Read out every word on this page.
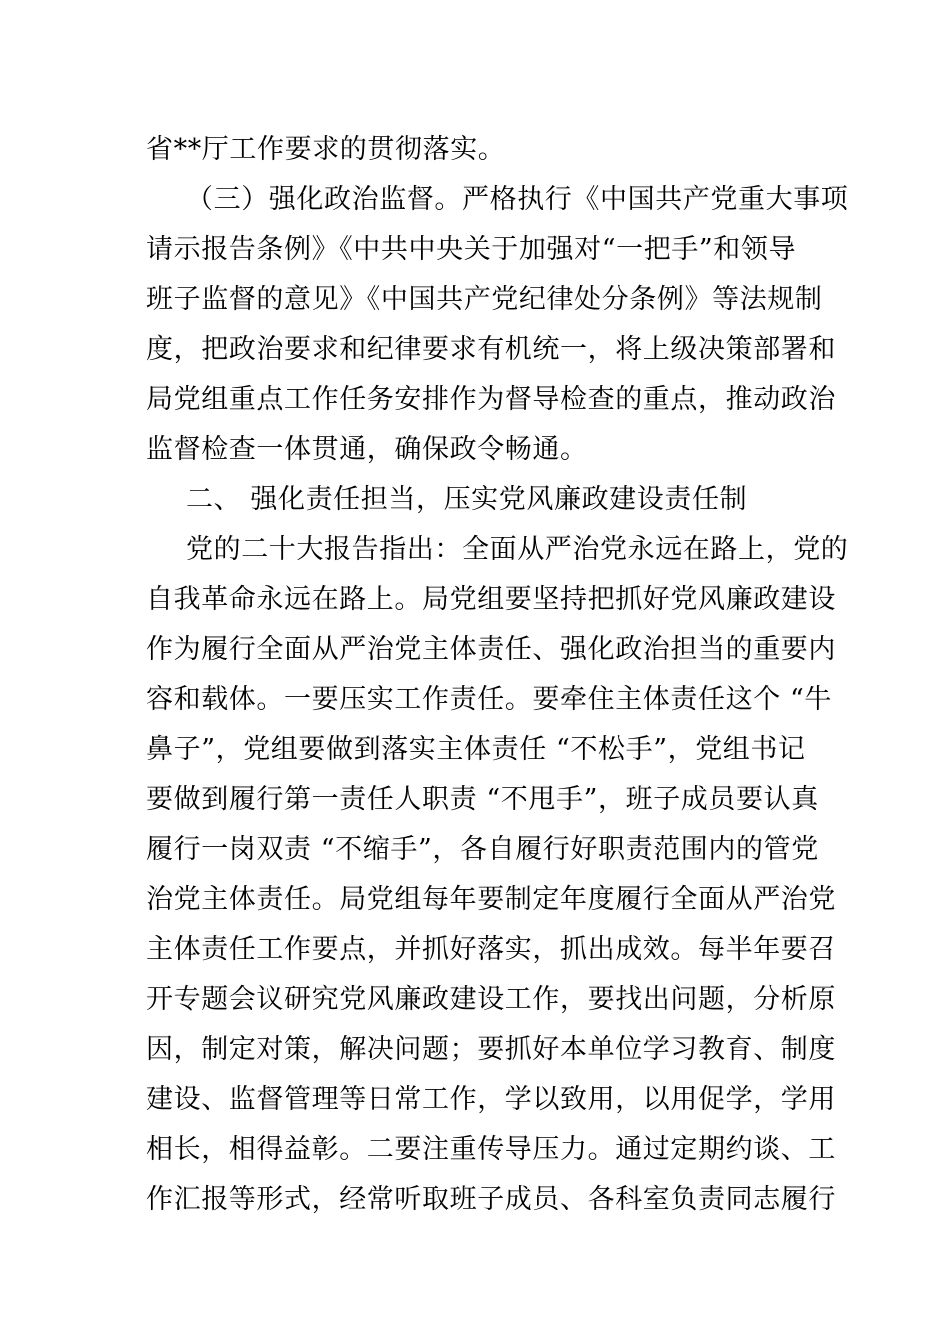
省**厅工作要求的贯彻落实。
（三）强化政治监督。严格执行《中国共产党重大事项
请示报告条例》《中共中央关于加强对“一把手”和领导
班子监督的意见》《中国共产党纪律处分条例》等法规制
度，把政治要求和纪律要求有机统一，将上级决策部署和
局党组重点工作任务安排作为督导检查的重点，推动政治
监督检查一体贯通，确保政令畅通。
二、 强化责任担当，压实党风廉政建设责任制
党的二十大报告指出：全面从严治党永远在路上，党的
自我革命永远在路上。局党组要坚持把抓好党风廉政建设
作为履行全面从严治党主体责任、强化政治担当的重要内
容和载体。一要压实工作责任。要牵住主体责任这个 “牛
鼻子”，党组要做到落实主体责任 “不松手”，党组书记
要做到履行第一责任人职责 “不甩手”，班子成员要认真
履行一岗双责 “不缩手”，各自履行好职责范围内的管党
治党主体责任。局党组每年要制定年度履行全面从严治党
主体责任工作要点，并抓好落实，抓出成效。每半年要召
开专题会议研究党风廉政建设工作，要找出问题，分析原
因，制定对策，解决问题；要抓好本单位学习教育、制度
建设、监督管理等日常工作，学以致用，以用促学，学用
相长，相得益彰。二要注重传导压力。通过定期约谈、工
作汇报等形式，经常听取班子成员、各科室负责同志履行
